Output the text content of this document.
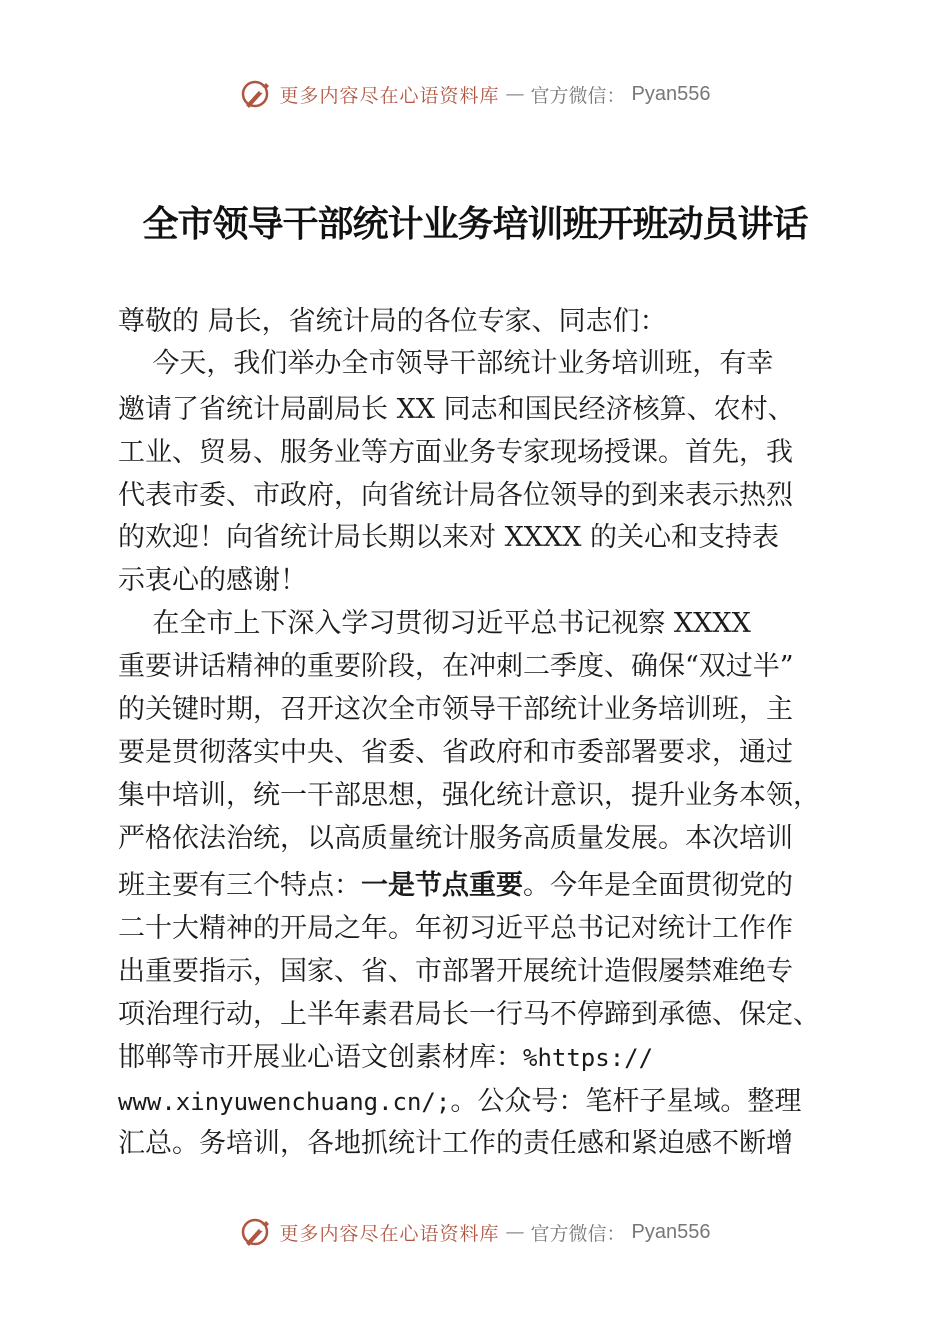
更多内容尽在心语资料库 — 官方微信： Pyan556
全市领导干部统计业务培训班开班动员讲话
尊敬的 局长，省统计局的各位专家、同志们：
今天，我们举办全市领导干部统计业务培训班，有幸
邀请了省统计局副局长 XX 同志和国民经济核算、农村、
工业、贸易、服务业等方面业务专家现场授课。首先，我
代表市委、市政府，向省统计局各位领导的到来表示热烈
的欢迎！向省统计局长期以来对 XXXX 的关心和支持表
示衷心的感谢！
在全市上下深入学习贯彻习近平总书记视察 XXXX
重要讲话精神的重要阶段，在冲刺二季度、确保“双过半”
的关键时期，召开这次全市领导干部统计业务培训班，主
要是贯彻落实中央、省委、省政府和市委部署要求，通过
集中培训，统一干部思想，强化统计意识，提升业务本领，
严格依法治统，以高质量统计服务高质量发展。本次培训
班主要有三个特点：一是节点重要。今年是全面贯彻党的
二十大精神的开局之年。年初习近平总书记对统计工作作
出重要指示，国家、省、市部署开展统计造假屡禁难绝专
项治理行动，上半年素君局长一行马不停蹄到承德、保定、
邯郸等市开展业心语文创素材库：%https://
www.xinyuwenchuang.cn/;。公众号：笔杆子星域。整理
汇总。务培训，各地抓统计工作的责任感和紧迫感不断增
更多内容尽在心语资料库 — 官方微信： Pyan556
